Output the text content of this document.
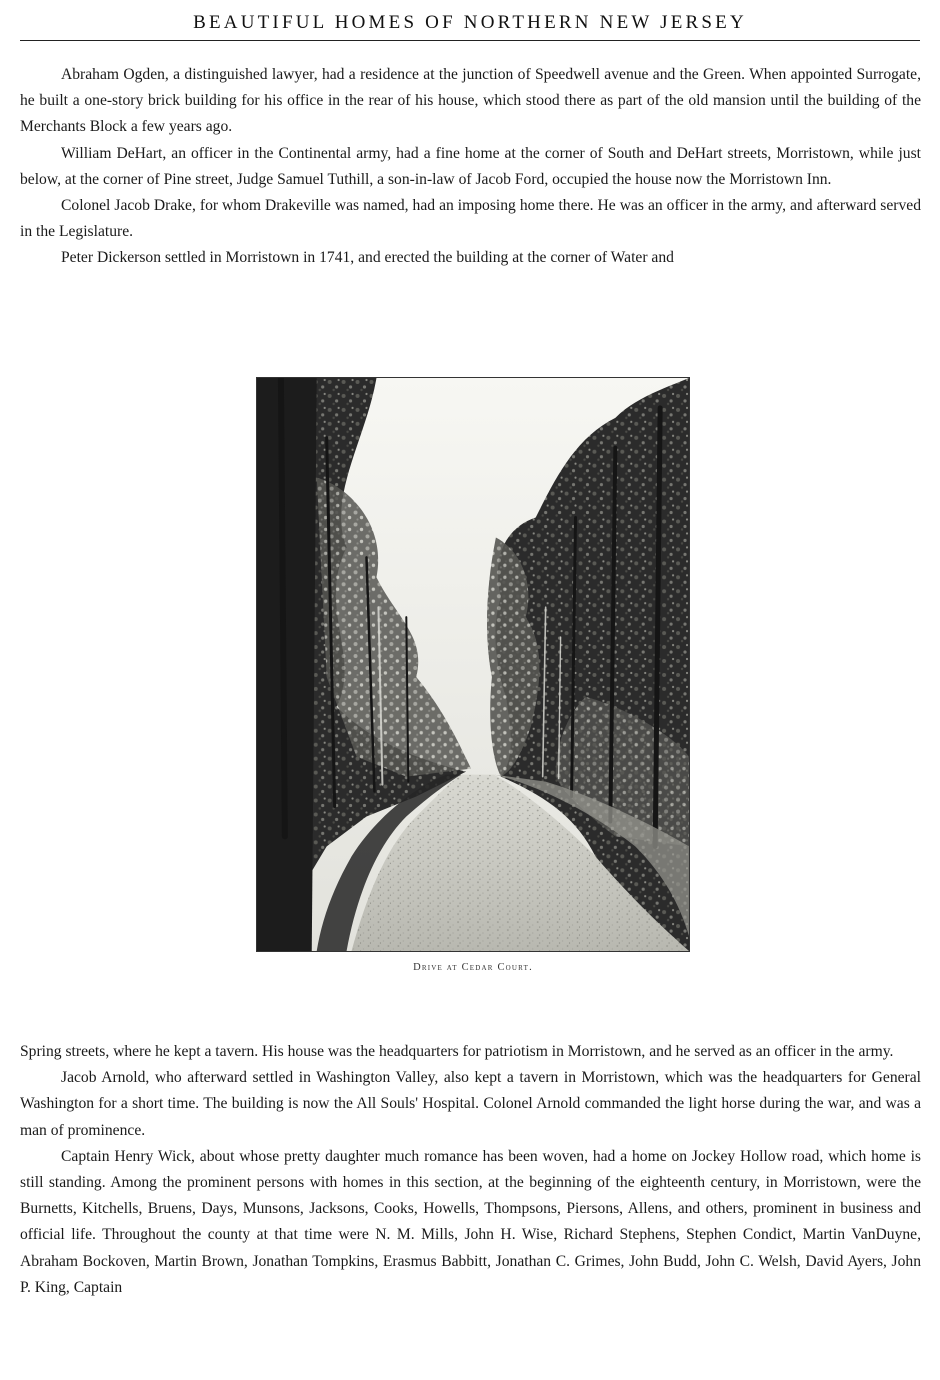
BEAUTIFUL HOMES OF NORTHERN NEW JERSEY

Abraham Ogden, a distinguished lawyer, had a residence at the junction of Speedwell avenue and the Green. When appointed Surrogate, he built a one-story brick building for his office in the rear of his house, which stood there as part of the old mansion until the building of the Merchants Block a few years ago.

William DeHart, an officer in the Continental army, had a fine home at the corner of South and DeHart streets, Morristown, while just below, at the corner of Pine street, Judge Samuel Tuthill, a son-in-law of Jacob Ford, occupied the house now the Morristown Inn.

Colonel Jacob Drake, for whom Drakeville was named, had an imposing home there. He was an officer in the army, and afterward served in the Legislature.

Peter Dickerson settled in Morristown in 1741, and erected the building at the corner of Water and

Drive at Cedar Court.

Spring streets, where he kept a tavern. His house was the headquarters for patriotism in Morristown, and he served as an officer in the army.

Jacob Arnold, who afterward settled in Washington Valley, also kept a tavern in Morristown, which was the headquarters for General Washington for a short time. The building is now the All Souls' Hospital. Colonel Arnold commanded the light horse during the war, and was a man of prominence.

Captain Henry Wick, about whose pretty daughter much romance has been woven, had a home on Jockey Hollow road, which home is still standing. Among the prominent persons with homes in this section, at the beginning of the eighteenth century, in Morristown, were the Burnetts, Kitchells, Bruens, Days, Munsons, Jacksons, Cooks, Howells, Thompsons, Piersons, Allens, and others, prominent in business and official life. Throughout the county at that time were N. M. Mills, John H. Wise, Richard Stephens, Stephen Condict, Martin VanDuyne, Abraham Bockoven, Martin Brown, Jonathan Tompkins, Erasmus Babbitt, Jonathan C. Grimes, John Budd, John C. Welsh, David Ayers, John P. King, Captain
